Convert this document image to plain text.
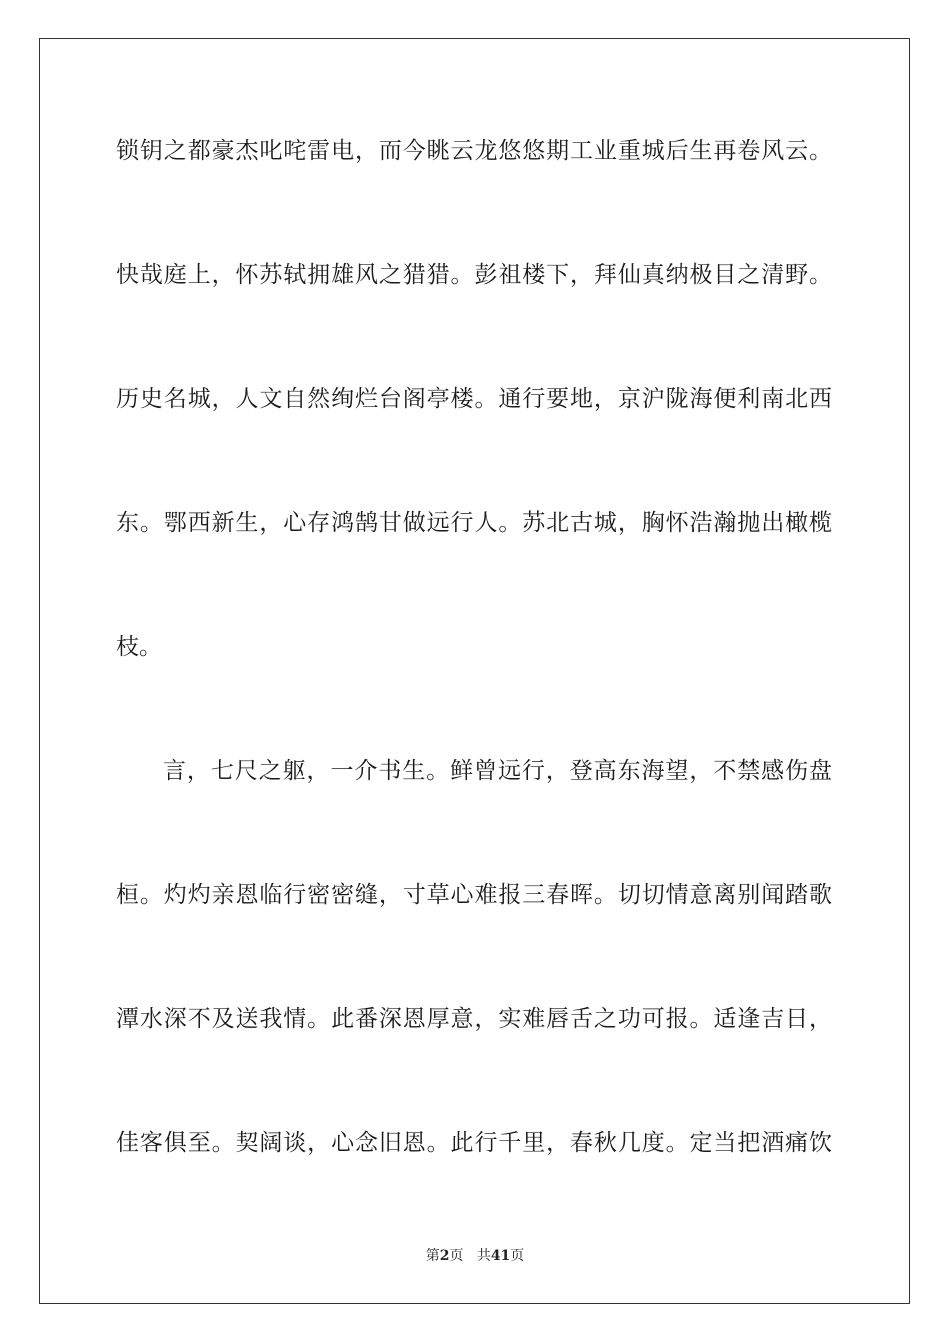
锁钥之都豪杰叱咤雷电，而今眺云龙悠悠期工业重城后生再卷风云。

快哉庭上，怀苏轼拥雄风之猎猎。彭祖楼下，拜仙真纳极目之清野。

历史名城，人文自然绚烂台阁亭楼。通行要地，京沪陇海便利南北西

东。鄂西新生，心存鸿鹄甘做远行人。苏北古城，胸怀浩瀚抛出橄榄

枝。

言，七尺之躯，一介书生。鲜曾远行，登高东海望，不禁感伤盘

桓。灼灼亲恩临行密密缝，寸草心难报三春晖。切切情意离别闻踏歌

潭水深不及送我情。此番深恩厚意，实难唇舌之功可报。适逢吉日，

佳客俱至。契阔谈，心念旧恩。此行千里，春秋几度。定当把酒痛饮

第2页 共41页
